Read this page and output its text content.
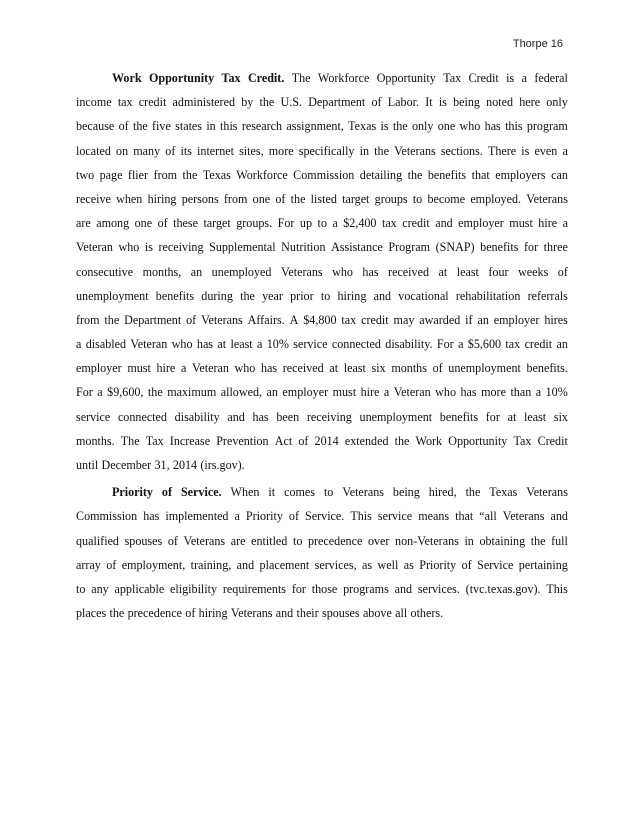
Thorpe 16
Work Opportunity Tax Credit. The Workforce Opportunity Tax Credit is a federal
income tax credit administered by the U.S. Department of Labor. It is being noted here only
because of the five states in this research assignment, Texas is the only one who has this program
located on many of its internet sites, more specifically in the Veterans sections. There is even a
two page flier from the Texas Workforce Commission detailing the benefits that employers can
receive when hiring persons from one of the listed target groups to become employed. Veterans
are among one of these target groups. For up to a $2,400 tax credit and employer must hire a
Veteran who is receiving Supplemental Nutrition Assistance Program (SNAP) benefits for three
consecutive months, an unemployed Veterans who has received at least four weeks of
unemployment benefits during the year prior to hiring and vocational rehabilitation referrals
from the Department of Veterans Affairs. A $4,800 tax credit may awarded if an employer hires
a disabled Veteran who has at least a 10% service connected disability. For a $5,600 tax credit an
employer must hire a Veteran who has received at least six months of unemployment benefits.
For a $9,600, the maximum allowed, an employer must hire a Veteran who has more than a 10%
service connected disability and has been receiving unemployment benefits for at least six
months. The Tax Increase Prevention Act of 2014 extended the Work Opportunity Tax Credit
until December 31, 2014 (irs.gov).
Priority of Service. When it comes to Veterans being hired, the Texas Veterans
Commission has implemented a Priority of Service. This service means that “all Veterans and
qualified spouses of Veterans are entitled to precedence over non-Veterans in obtaining the full
array of employment, training, and placement services, as well as Priority of Service pertaining
to any applicable eligibility requirements for those programs and services. (tvc.texas.gov). This
places the precedence of hiring Veterans and their spouses above all others.
